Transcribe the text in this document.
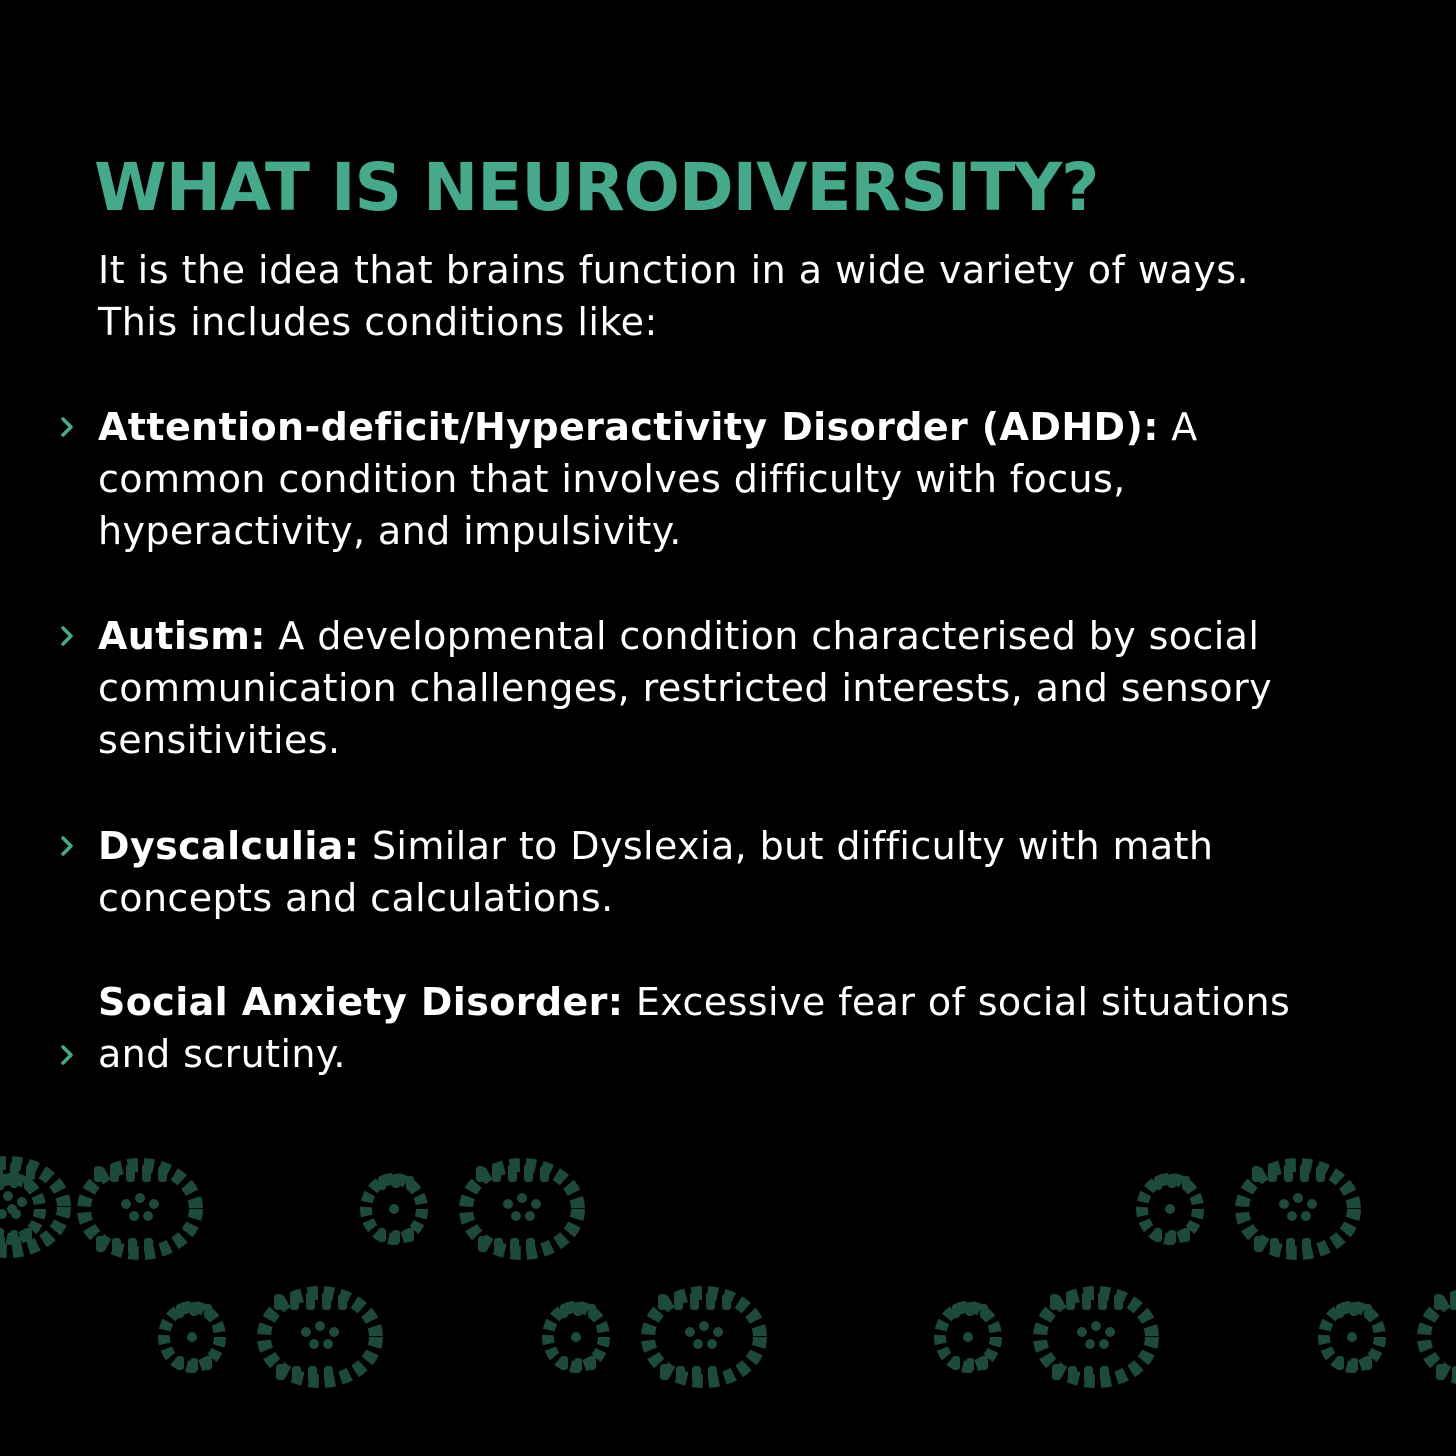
WHAT IS NEURODIVERSITY?

It is the idea that brains function in a wide variety of ways.
This includes conditions like:

Attention-deficit/Hyperactivity Disorder (ADHD): A
common condition that involves difficulty with focus,
hyperactivity, and impulsivity.
Autism: A developmental condition characterised by social
communication challenges, restricted interests, and sensory
sensitivities.
Dyscalculia: Similar to Dyslexia, but difficulty with math
concepts and calculations.
Social Anxiety Disorder: Excessive fear of social situations
and scrutiny.
